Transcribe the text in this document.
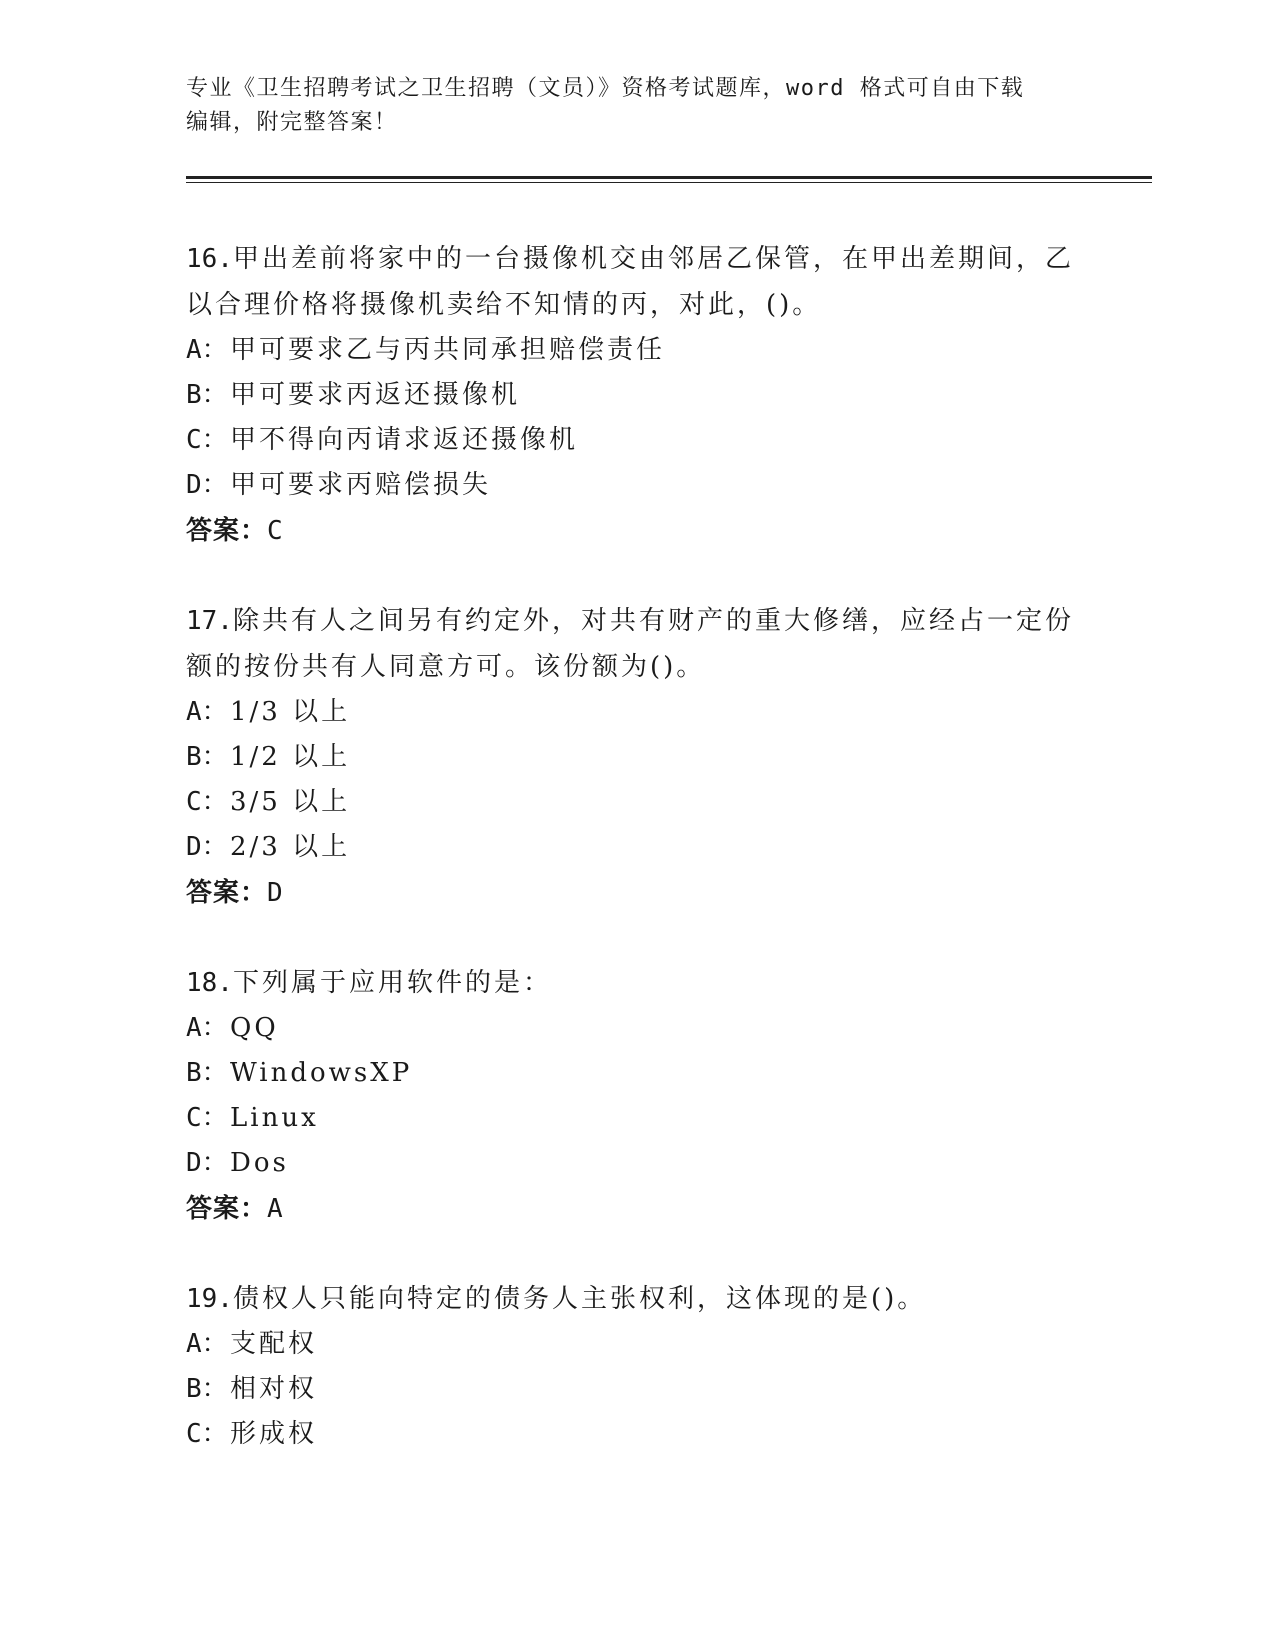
专业《卫生招聘考试之卫生招聘（文员）》资格考试题库，word 格式可自由下载
编辑，附完整答案！
16.甲出差前将家中的一台摄像机交由邻居乙保管，在甲出差期间，乙
以合理价格将摄像机卖给不知情的丙，对此，()。
A：甲可要求乙与丙共同承担赔偿责任
B：甲可要求丙返还摄像机
C：甲不得向丙请求返还摄像机
D：甲可要求丙赔偿损失
答案：C
17.除共有人之间另有约定外，对共有财产的重大修缮，应经占一定份
额的按份共有人同意方可。该份额为()。
A：1/3 以上
B：1/2 以上
C：3/5 以上
D：2/3 以上
答案：D
18.下列属于应用软件的是：
A：QQ
B：WindowsXP
C：Linux
D：Dos
答案：A
19.债权人只能向特定的债务人主张权利，这体现的是()。
A：支配权
B：相对权
C：形成权
